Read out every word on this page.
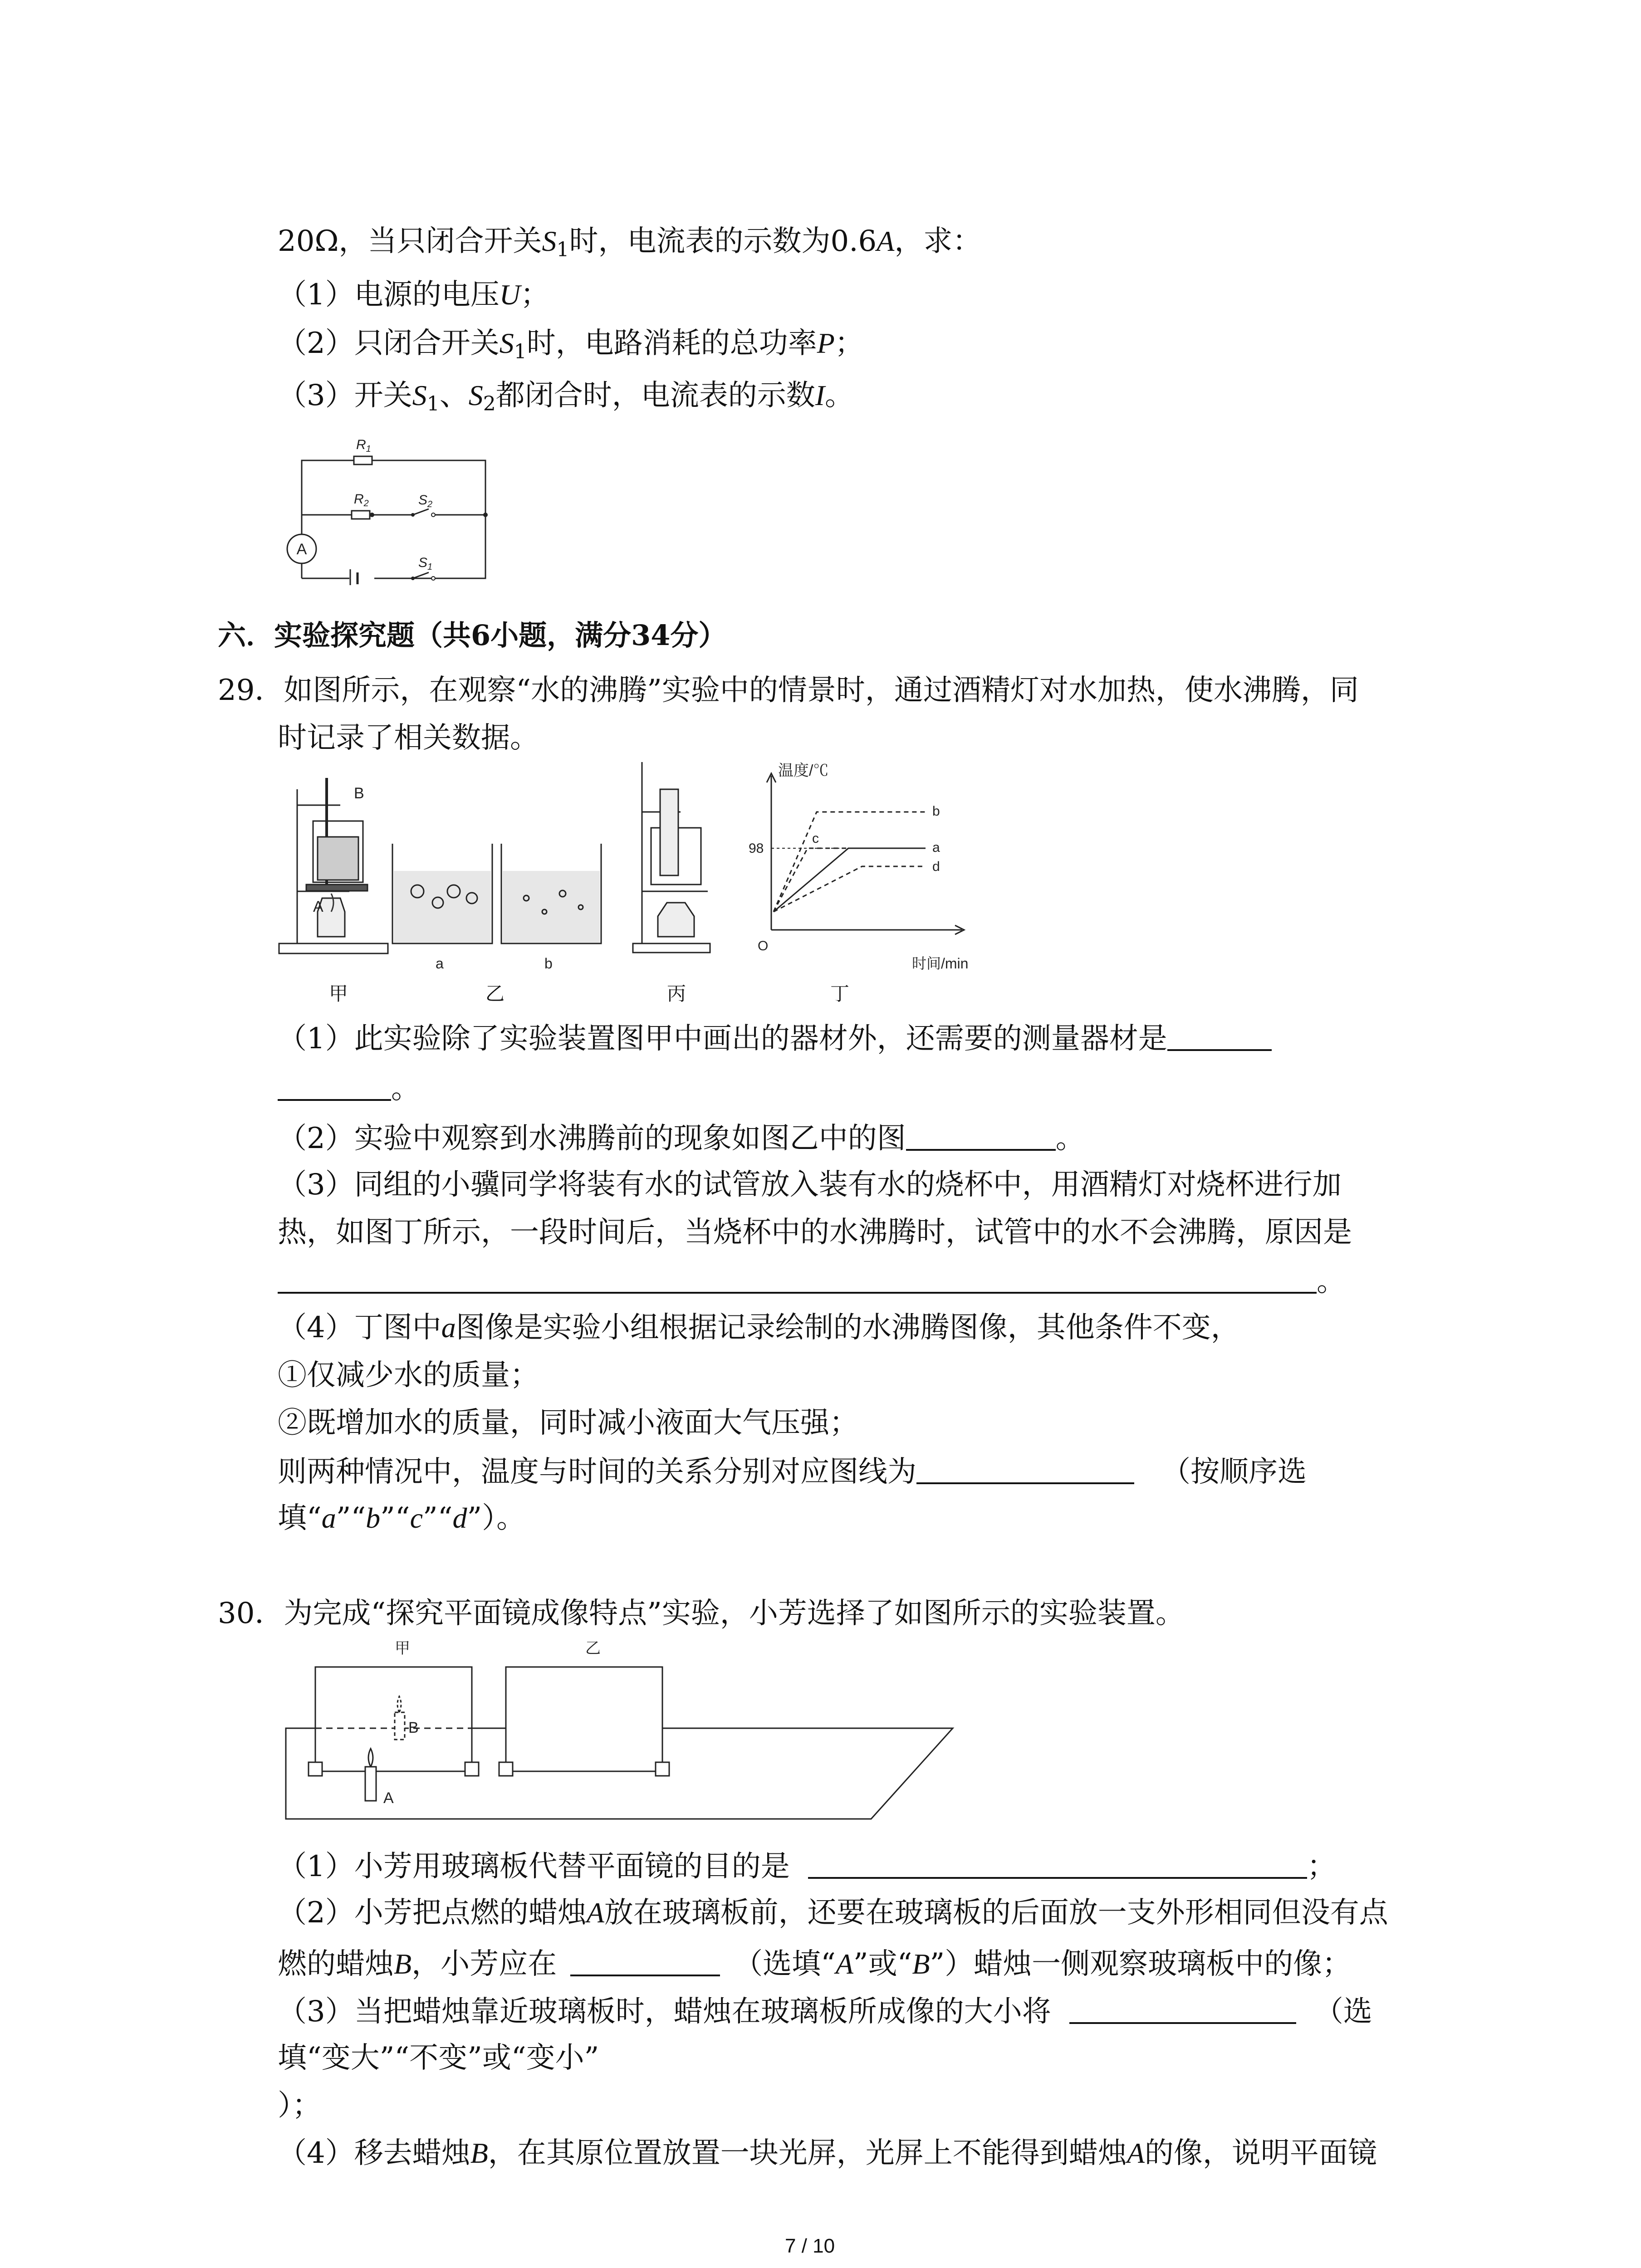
20Ω，当只闭合开关$S_1$时，电流表的示数为0.6A，求：
（1）电源的电压U；
（2）只闭合开关$S_1$时，电路消耗的总功率P；
（3）开关$S_1$、$S_2$都闭合时，电流表的示数I。
A
$R_1$
$R_2$	$S_2$
$S_1$
六．实验探究题（共6小题，满分34分）
29．如图所示，在观察“水的沸腾”实验中的情景时，通过酒精灯对水加热，使水沸腾，同
时记录了相关数据。
B
A
a	b
温度/℃
98
O
时间/min
b
c
a
d
甲	乙	丙	丁
（1）此实验除了实验装置图甲中画出的器材外，还需要的测量器材是
。
（2）实验中观察到水沸腾前的现象如图乙中的图	。
（3）同组的小骥同学将装有水的试管放入装有水的烧杯中，用酒精灯对烧杯进行加
热，如图丁所示，一段时间后，当烧杯中的水沸腾时，试管中的水不会沸腾，原因是
。
（4）丁图中a图像是实验小组根据记录绘制的水沸腾图像，其他条件不变，
①仅减少水的质量；
②既增加水的质量，同时减小液面大气压强；
则两种情况中，温度与时间的关系分别对应图线为	（按顺序选
填“a”“b”“c”“d”）。
30．为完成“探究平面镜成像特点”实验，小芳选择了如图所示的实验装置。
甲	乙
B
A
（1）小芳用玻璃板代替平面镜的目的是	；
（2）小芳把点燃的蜡烛A放在玻璃板前，还要在玻璃板的后面放一支外形相同但没有点
燃的蜡烛B，小芳应在	（选填“A”或“B”）蜡烛一侧观察玻璃板中的像；
（3）当把蜡烛靠近玻璃板时，蜡烛在玻璃板所成像的大小将	（选
填“变大”“不变”或“变小”
）；
（4）移去蜡烛B，在其原位置放置一块光屏，光屏上不能得到蜡烛A的像，说明平面镜
7 / 10
